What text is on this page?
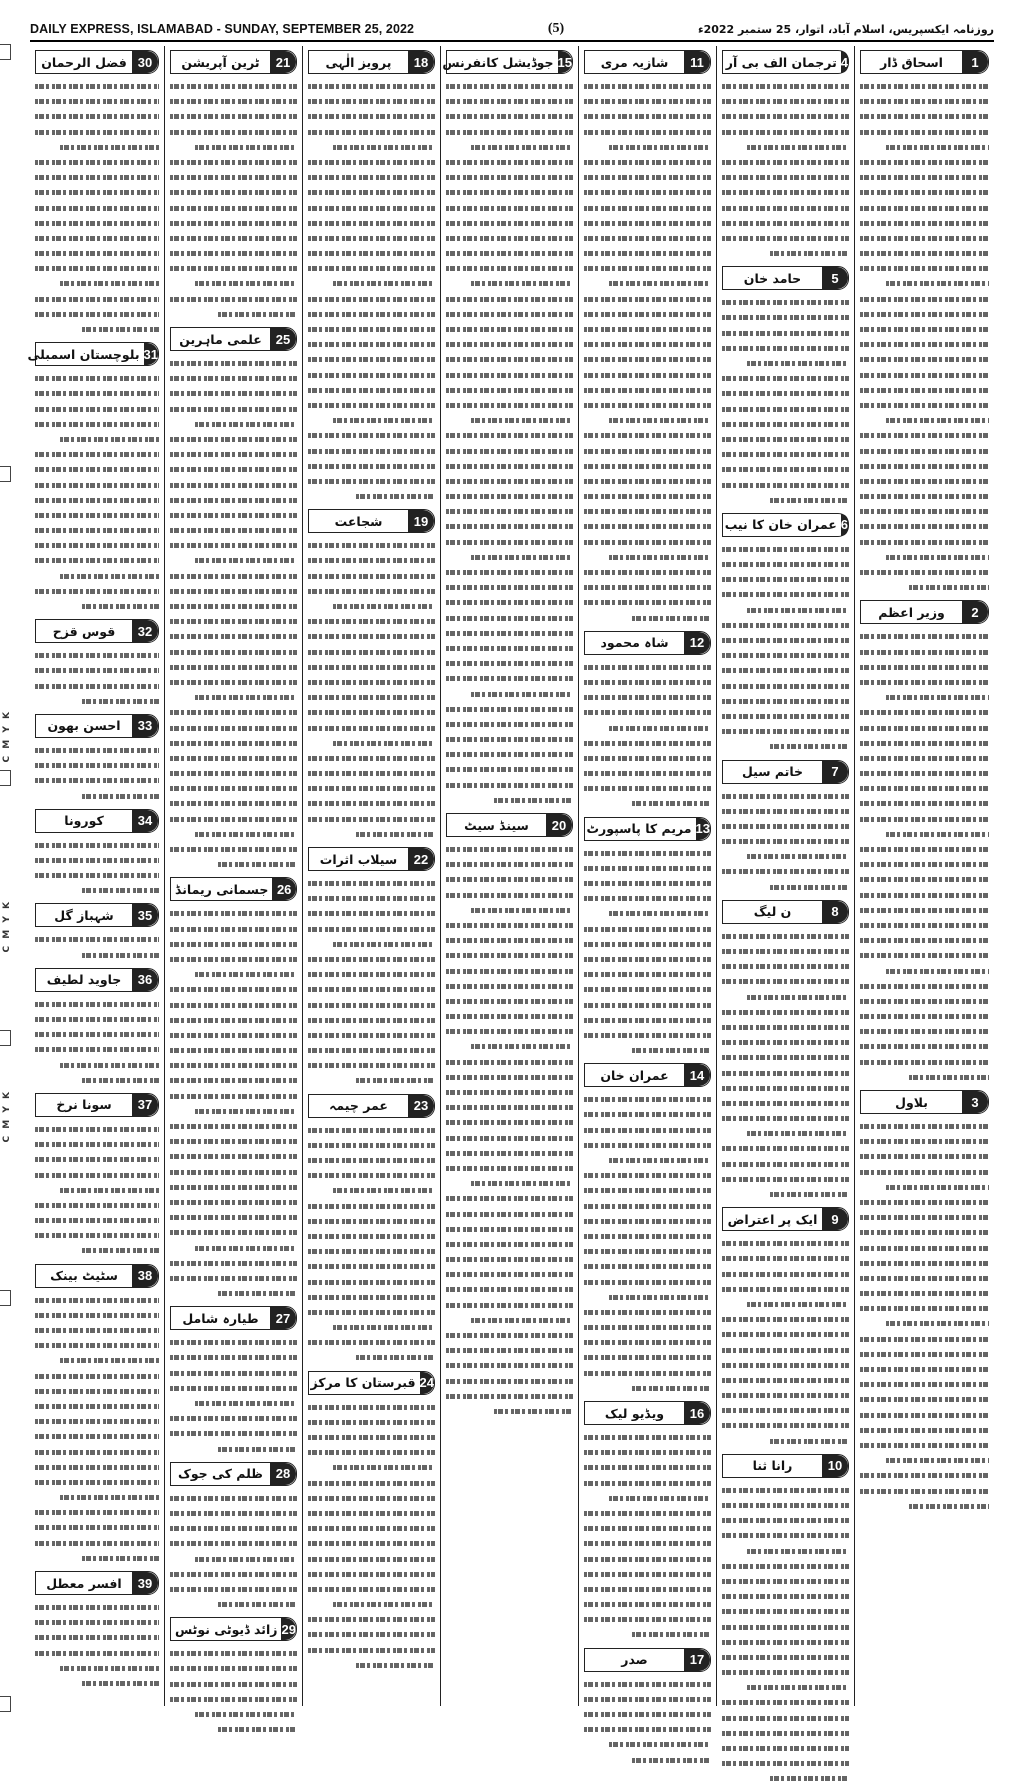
C M Y K
C M Y K
C M Y K
DAILY EXPRESS, ISLAMABAD - SUNDAY, SEPTEMBER 25, 2022	(5)	روزنامہ ایکسپریس، اسلام آباد، اتوار، 25 ستمبر 2022ء
1
اسحاق ڈار
2
وزیر اعظم
3
بلاول
4
ترجمان الف بی آر
5
حامد خان
6
عمران خان کا نیب
7
خاتم سیل
8
ن لیگ
9
ایک پر اعتراض
10
رانا ثنا
11
شازیہ مری
12
شاہ محمود
13
مریم کا پاسپورٹ
14
عمران خان
16
ویڈیو لیک
17
صدر
15
جوڈیشل کانفرنس
20
سینڈ سیٹ
18
پرویز الٰہی
19
شجاعت
22
سیلاب اثرات
23
عمر چیمہ
24
قبرستان کا مرکز
21
ٹرین آپریشن
25
علمی ماہرین
26
جسمانی ریمانڈ
27
طیارہ شامل
28
ظلم کی جوک
29
زائد ڈیوٹی نوٹس
30
فضل الرحمان
31
بلوچستان اسمبلی
32
قوس قزح
33
احسن بھون
34
کورونا
35
شہباز گل
36
جاوید لطیف
37
سونا نرخ
38
سٹیٹ بینک
39
افسر معطل
